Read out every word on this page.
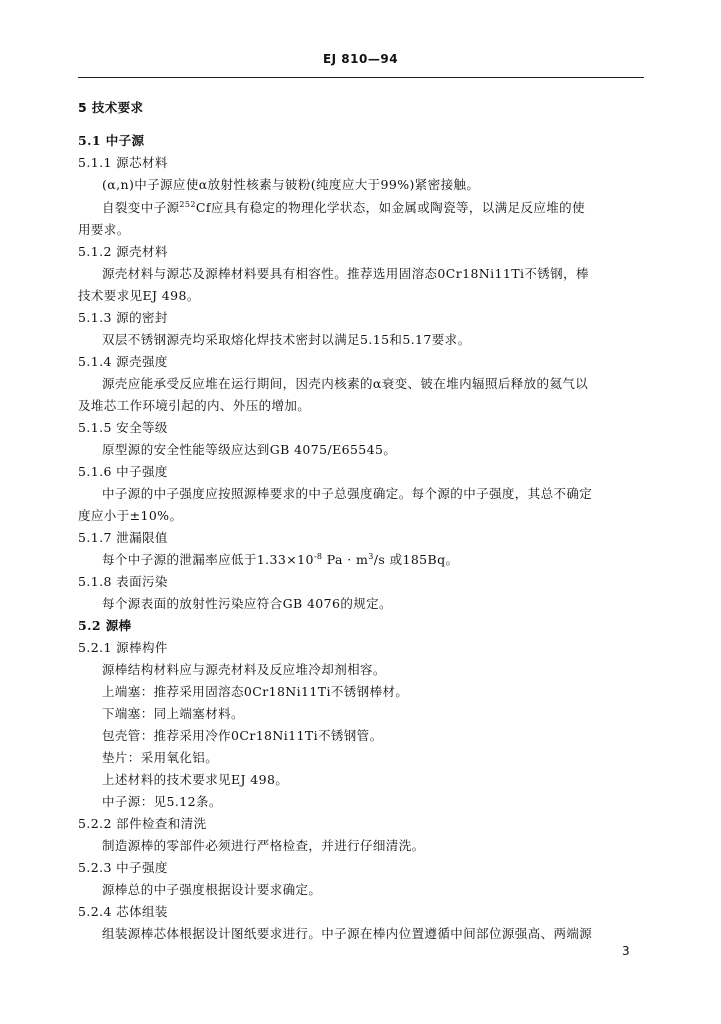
EJ 810—94
5 技术要求
5.1 中子源
5.1.1 源芯材料
(α,n)中子源应使α放射性核素与铍粉(纯度应大于99%)紧密接触。
自裂变中子源$^{252}$Cf应具有稳定的物理化学状态，如金属或陶瓷等，以满足反应堆的使
用要求。
5.1.2 源壳材料
源壳材料与源芯及源棒材料要具有相容性。推荐选用固溶态0Cr18Ni11Ti不锈钢，棒
技术要求见EJ 498。
5.1.3 源的密封
双层不锈钢源壳均采取熔化焊技术密封以满足5.15和5.17要求。
5.1.4 源壳强度
源壳应能承受反应堆在运行期间，因壳内核素的α衰变、铍在堆内辐照后释放的氦气以
及堆芯工作环境引起的内、外压的增加。
5.1.5 安全等级
原型源的安全性能等级应达到GB 4075/E65545。
5.1.6 中子强度
中子源的中子强度应按照源棒要求的中子总强度确定。每个源的中子强度，其总不确定
度应小于±10%。
5.1.7 泄漏限值
每个中子源的泄漏率应低于$1.33\times 10^{-8}$ $Pa \cdot m^3/s$ 或185Bq。
5.1.8 表面污染
每个源表面的放射性污染应符合GB 4076的规定。
5.2 源棒
5.2.1 源棒构件
源棒结构材料应与源壳材料及反应堆冷却剂相容。
上端塞：推荐采用固溶态0Cr18Ni11Ti不锈钢棒材。
下端塞：同上端塞材料。
包壳管：推荐采用冷作0Cr18Ni11Ti不锈钢管。
垫片：采用氧化铝。
上述材料的技术要求见EJ 498。
中子源：见5.12条。
5.2.2 部件检查和清洗
制造源棒的零部件必须进行严格检查，并进行仔细清洗。
5.2.3 中子强度
源棒总的中子强度根据设计要求确定。
5.2.4 芯体组装
组装源棒芯体根据设计图纸要求进行。中子源在棒内位置遵循中间部位源强高、两端源
3
